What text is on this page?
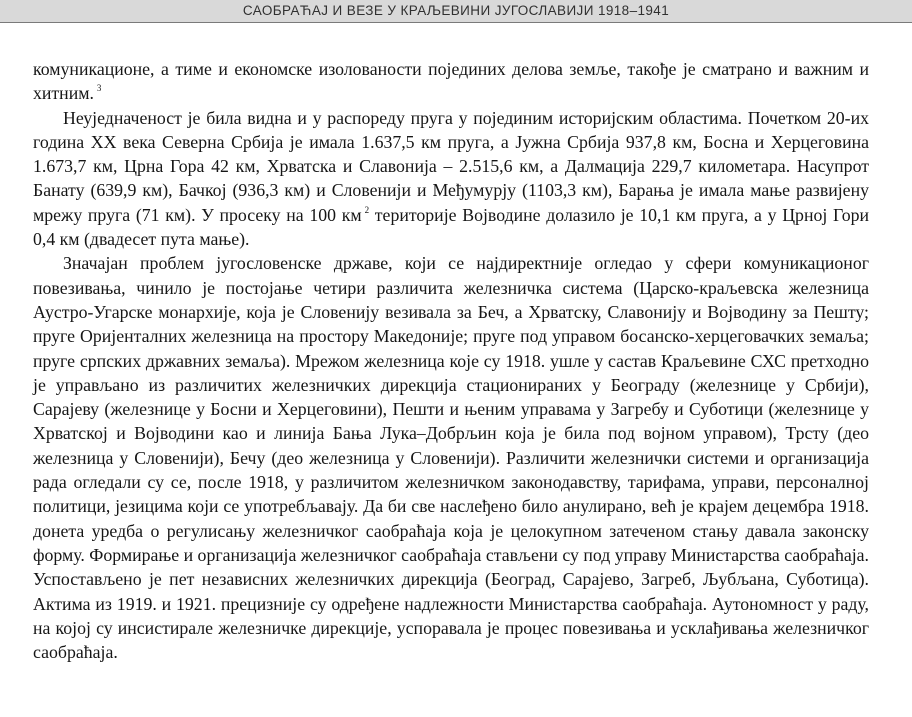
САОБРАЋАЈ И ВЕЗЕ У КРАЉЕВИНИ ЈУГОСЛАВИЈИ 1918–1941

комуникационе, а тиме и економске изолованости појединих делова земље, такође је сматрано и важним и хитним. $^3$

Неуједначеност је била видна и у распореду пруга у појединим историјским областима. Почетком 20-их година XX века Северна Србија је имала 1.637,5 км пруга, а Јужна Србија 937,8 км, Босна и Херцеговина 1.673,7 км, Црна Гора 42 км, Хрватска и Славонија – 2.515,6 км, а Далмација 229,7 километара. Насупрот Банату (639,9 км), Бачкој (936,3 км) и Словенији и Међумурју (1103,3 км), Барања је имала мање развијену мрежу пруга (71 км). У просеку на 100 км $^2$ територије Војводине долазило је 10,1 км пруга, а у Црној Гори 0,4 км (двадесет пута мање).

Значајан проблем југословенске државе, који се најдиректније огледао у сфери комуникационог повезивања, чинило је постојање четири различита железничка система (Царско-краљевска железница Аустро-Угарске монархије, која је Словенију везивала за Беч, а Хрватску, Славонију и Војводину за Пешту; пруге Оријенталних железница на простору Македоније; пруге под управом босанско-херцеговачких земаља; пруге српских државних земаља). Мрежом железница које су 1918. ушле у састав Краљевине СХС претходно је управљано из различитих железничких дирекција стационираних у Београду (железнице у Србији), Сарајеву (железнице у Босни и Херцеговини), Пешти и њеним управама у Загребу и Суботици (железнице у Хрватској и Војводини као и линија Бања Лука–Добрљин која је била под војном управом), Трсту (део железница у Словенији), Бечу (део железница у Словенији). Различити железнички системи и организација рада огледали су се, после 1918, у различитом железничком законодавству, тарифама, управи, персоналној политици, језицима који се употребљавају. Да би све наслеђено било анулирано, већ је крајем децембра 1918. донета уредба о регулисању железничког саобраћаја која је целокупном затеченом стању давала законску форму. Формирање и организација железничког саобраћаја стављени су под управу Министарства саобраћаја. Успостављено је пет независних железничких дирекција (Београд, Сарајево, Загреб, Љубљана, Суботица). Актима из 1919. и 1921. прецизније су одређене надлежности Министарства саобраћаја. Аутономност у раду, на којој су инсистирале железничке дирекције, успоравала је процес повезивања и усклађивања железничког саобраћаја.
